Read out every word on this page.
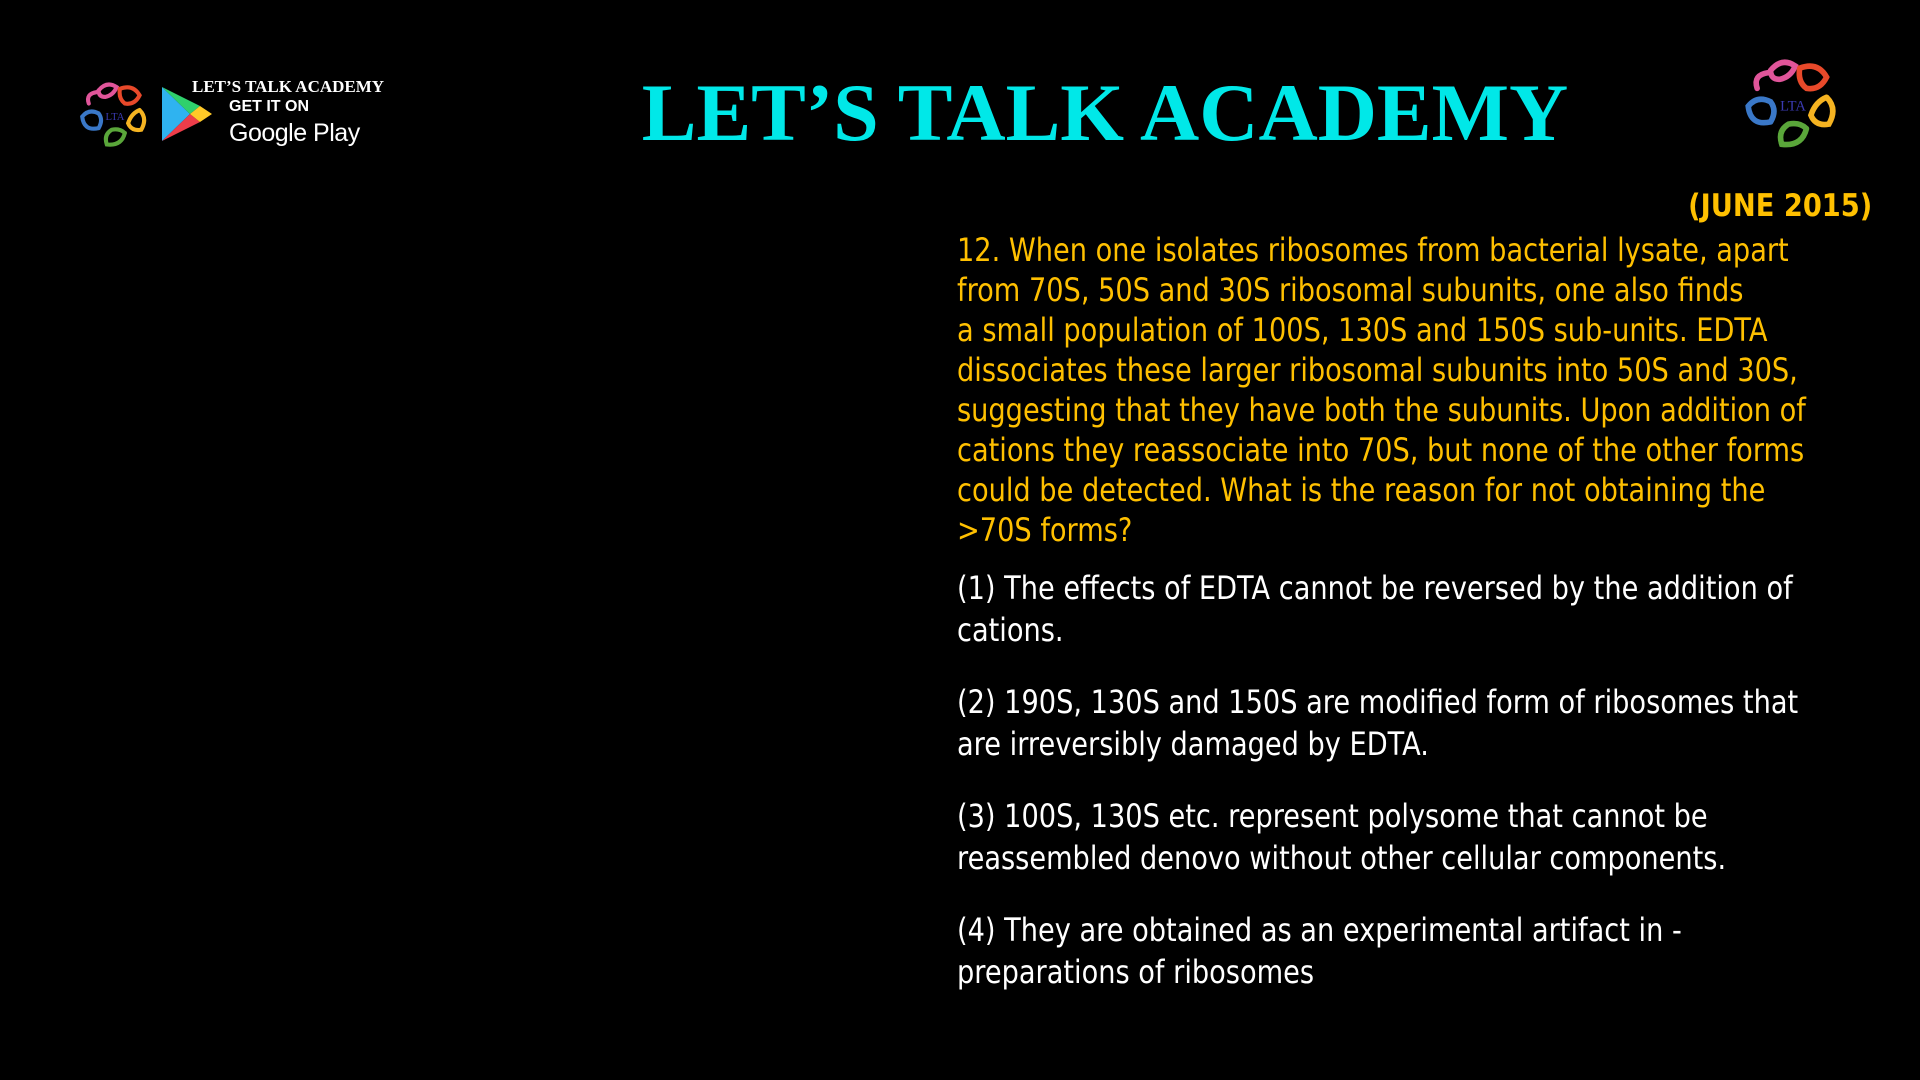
LTA
LET’S TALK ACADEMY
GET IT ON
Google Play	LET’S TALK ACADEMY	LTA
(JUNE 2015)
12. When one isolates ribosomes from bacterial lysate, apart
from 70S, 50S and 30S ribosomal subunits, one also finds
a small population of 100S, 130S and 150S sub-units. EDTA
dissociates these larger ribosomal subunits into 50S and 30S,
suggesting that they have both the subunits. Upon addition of
cations they reassociate into 70S, but none of the other forms
could be detected. What is the reason for not obtaining the
>70S forms?
(1) The effects of EDTA cannot be reversed by the addition of
cations.
(2) 190S, 130S and 150S are modified form of ribosomes that
are irreversibly damaged by EDTA.
(3) 100S, 130S etc. represent polysome that cannot be
reassembled denovo without other cellular components.
(4) They are obtained as an experimental artifact in -
preparations of ribosomes
